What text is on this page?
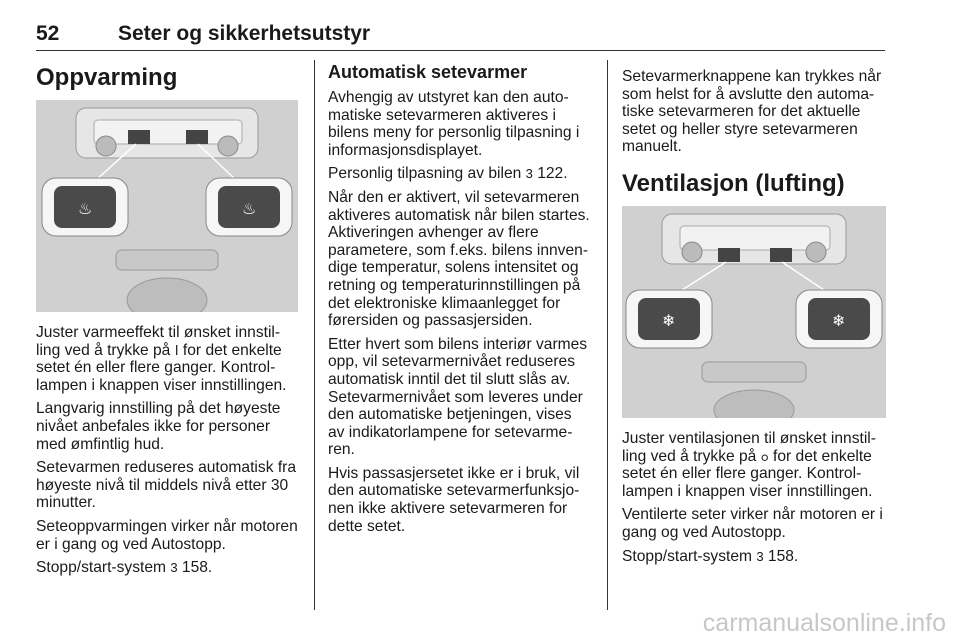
52	Seter og sikkerhetsutstyr
Oppvarming
♨	♨

Juster varmeeffekt til ønsket innstilling ved å trykke på ߊ for det enkelte setet én eller flere ganger. Kontrollampen i knappen viser innstillingen.

Langvarig innstilling på det høyeste nivået anbefales ikke for personer med ømfintlig hud.

Setevarmen reduseres automatisk fra høyeste nivå til middels nivå etter 30 minutter.

Seteoppvarmingen virker når motoren er i gang og ved Autostopp.

Stopp/start-system 3 158.

Automatisk setevarmer

Avhengig av utstyret kan den automatiske setevarmeren aktiveres i bilens meny for personlig tilpasning i informasjonsdisplayet.

Personlig tilpasning av bilen 3 122.

Når den er aktivert, vil setevarmeren aktiveres automatisk når bilen startes. Aktiveringen avhenger av flere parametere, som f.eks. bilens innvendige temperatur, solens intensitet og retning og temperaturinnstillingen på det elektroniske klimaanlegget for førersiden og passasjersiden.

Etter hvert som bilens interiør varmes opp, vil setevarmernivået reduseres automatisk inntil det til slutt slås av. Setevarmernivået som leveres under den automatiske betjeningen, vises av indikatorlampene for setevarmeren.

Hvis passasjersetet ikke er i bruk, vil den automatiske setevarmerfunksjonen ikke aktivere setevarmeren for dette setet.

Setevarmerknappene kan trykkes når som helst for å avslutte den automatiske setevarmeren for det aktuelle setet og heller styre setevarmeren manuelt.

Ventilasjon (lufting)
❄	❄

Juster ventilasjonen til ønsket innstilling ved å trykke på ߋ for det enkelte setet én eller flere ganger. Kontrollampen i knappen viser innstillingen.

Ventilerte seter virker når motoren er i gang og ved Autostopp.

Stopp/start-system 3 158.

carmanualsonline.info
